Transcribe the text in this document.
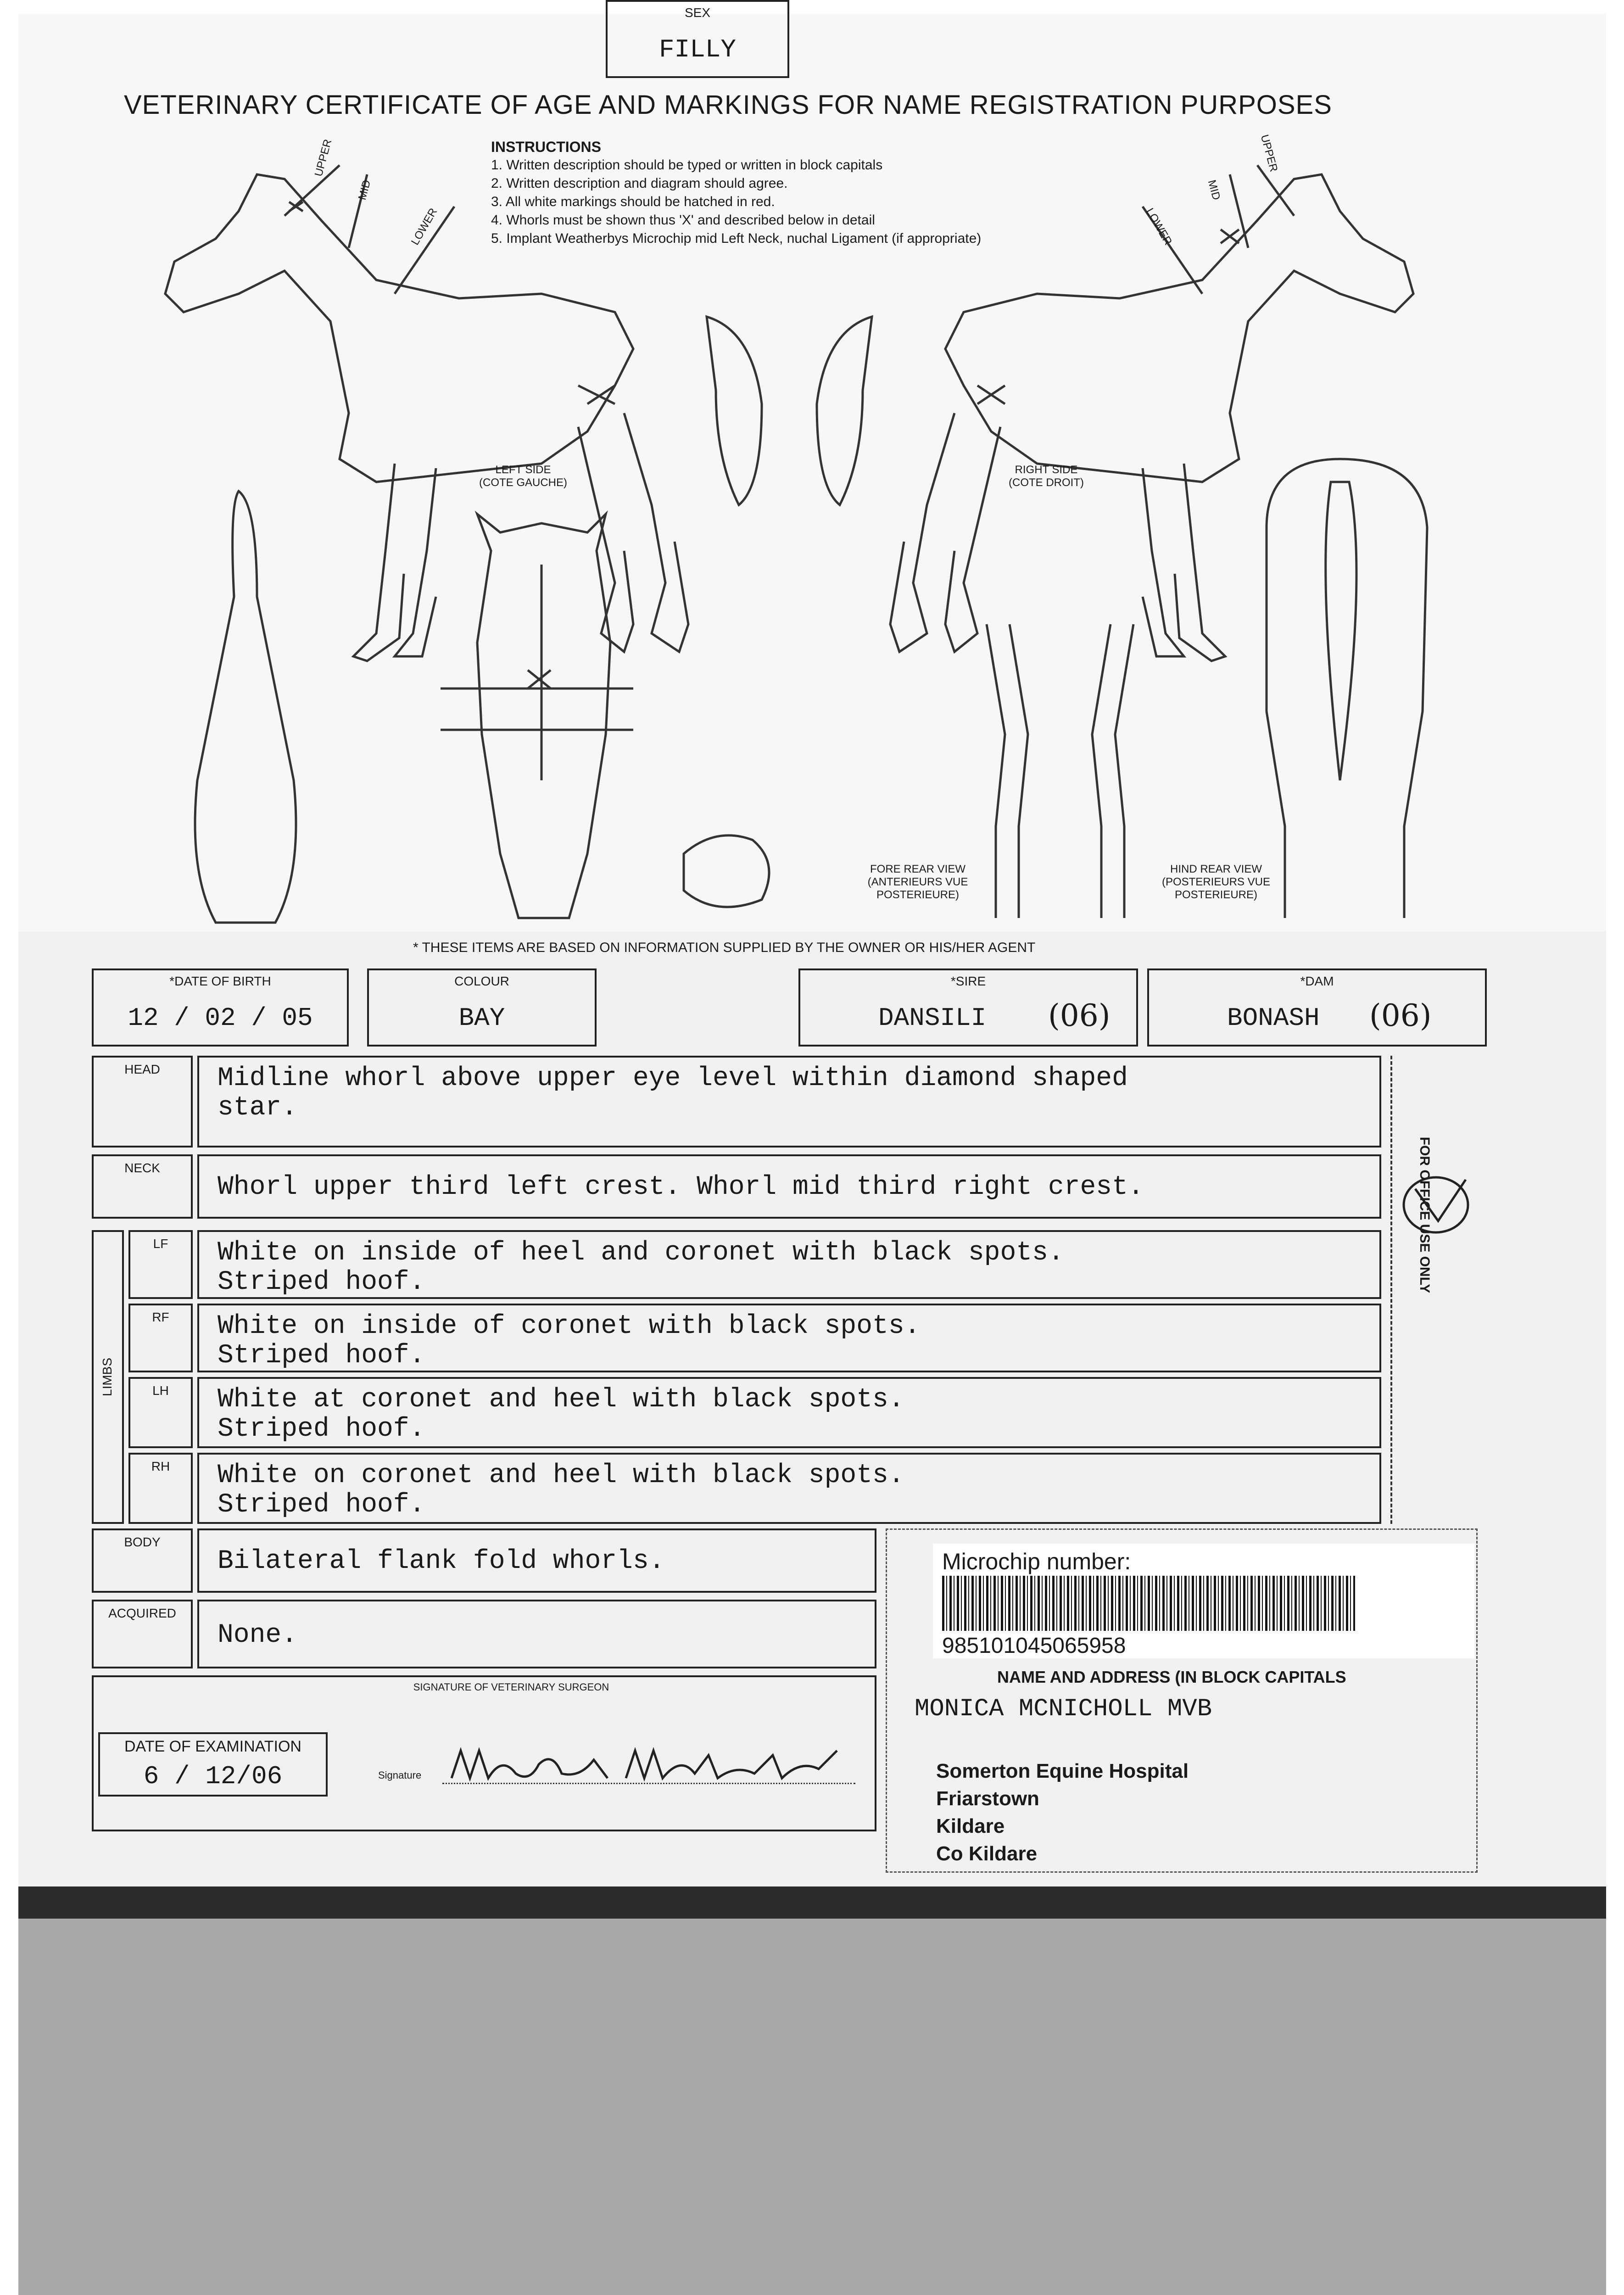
VETERINARY CERTIFICATE OF AGE AND MARKINGS FOR NAME REGISTRATION PURPOSES
INSTRUCTIONS
1. Written description should be typed or written in block capitals
2. Written description and diagram should agree.
3. All white markings should be hatched in red.
4. Whorls must be shown thus 'X' and described below in detail
5. Implant Weatherbys Microchip mid Left Neck, nuchal Ligament (if appropriate)
LEFT SIDE
(COTE GAUCHE)
RIGHT SIDE
(COTE DROIT)
FORE REAR VIEW
(ANTERIEURS VUE
POSTERIEURE)
HIND REAR VIEW
(POSTERIEURS VUE
POSTERIEURE)
UPPER
MID
LOWER
UPPER
MID
LOWER
* THESE ITEMS ARE BASED ON INFORMATION SUPPLIED BY THE OWNER OR HIS/HER AGENT
*DATE OF BIRTH
12 / 02 / 05
COLOUR
BAY
SEX
FILLY
*SIRE
DANSILI (06)
*DAM
BONASH (06)
HEAD	Midline whorl above upper eye level within diamond shaped
star.
NECK
Whorl upper third left crest. Whorl mid third right crest.
LIMBS
LF	White on inside of heel and coronet with black spots.
Striped hoof.
RF	White on inside of coronet with black spots.
Striped hoof.
LH	White at coronet and heel with black spots.
Striped hoof.
RH	White on coronet and heel with black spots.
Striped hoof.
FOR OFFICE USE ONLY
BODY
Bilateral flank fold whorls.
ACQUIRED
None.
SIGNATURE OF VETERINARY SURGEON
DATE OF EXAMINATION
6 / 12/06	Signature
Microchip number:
985101045065958
NAME AND ADDRESS (IN BLOCK CAPITALS
MONICA MCNICHOLL MVB
Somerton Equine Hospital
Friarstown
Kildare
Co Kildare
